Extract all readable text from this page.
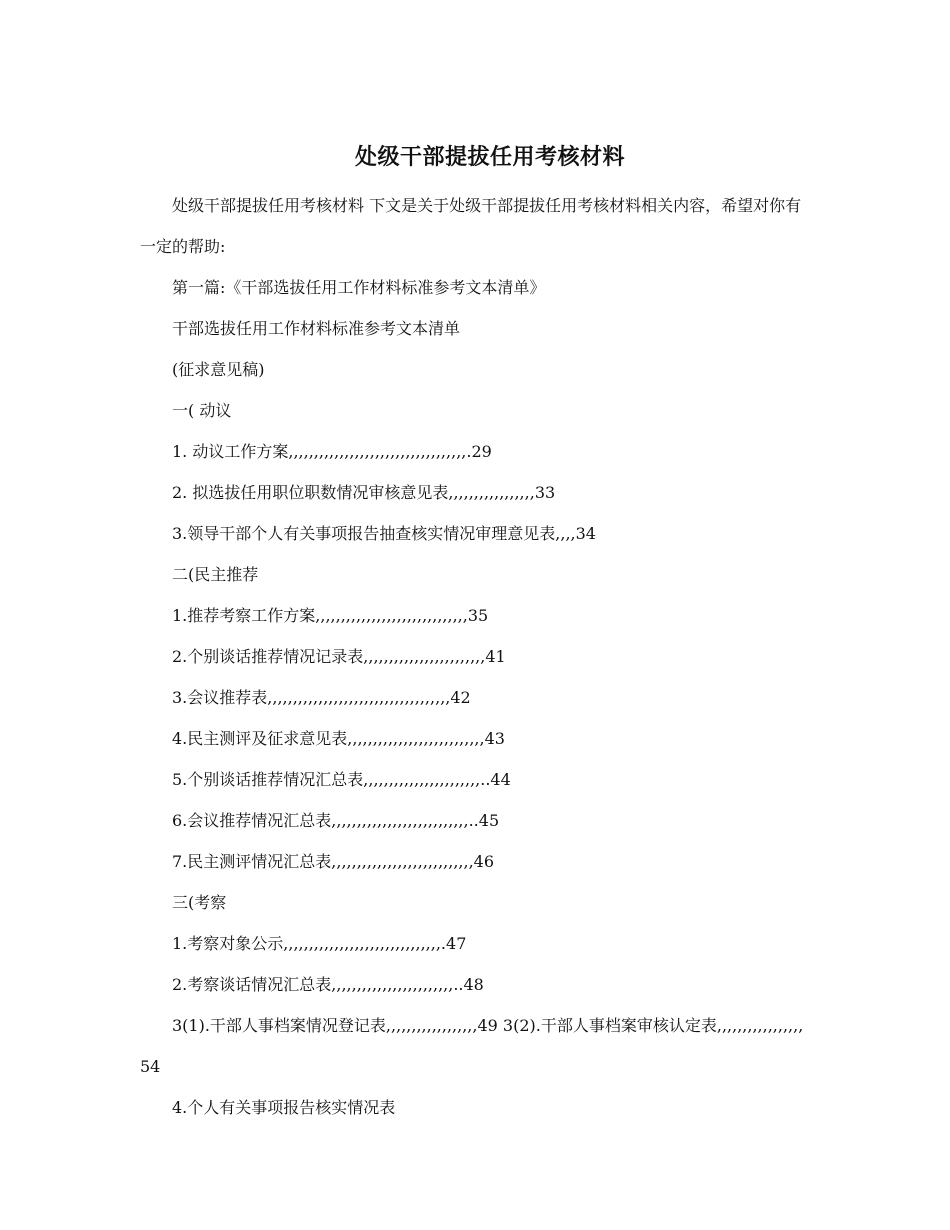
处级干部提拔任用考核材料

处级干部提拔任用考核材料 下文是关于处级干部提拔任用考核材料相关内容，希望对你有一定的帮助:

第一篇:《干部选拔任用工作材料标准参考文本清单》

干部选拔任用工作材料标准参考文本清单

(征求意见稿)

一( 动议

1. 动议工作方案,,,,,,,,,,,,,,,,,,,,,,,,,,,,,,,,,,,.29

2. 拟选拔任用职位职数情况审核意见表,,,,,,,,,,,,,,,,,33

3.领导干部个人有关事项报告抽查核实情况审理意见表,,,,34

二(民主推荐

1.推荐考察工作方案,,,,,,,,,,,,,,,,,,,,,,,,,,,,,,35

2.个别谈话推荐情况记录表,,,,,,,,,,,,,,,,,,,,,,,,41

3.会议推荐表,,,,,,,,,,,,,,,,,,,,,,,,,,,,,,,,,,,,42

4.民主测评及征求意见表,,,,,,,,,,,,,,,,,,,,,,,,,,,43

5.个别谈话推荐情况汇总表,,,,,,,,,,,,,,,,,,,,,,,..44

6.会议推荐情况汇总表,,,,,,,,,,,,,,,,,,,,,,,,,,,..45

7.民主测评情况汇总表,,,,,,,,,,,,,,,,,,,,,,,,,,,,46

三(考察

1.考察对象公示,,,,,,,,,,,,,,,,,,,,,,,,,,,,,,,.47

2.考察谈话情况汇总表,,,,,,,,,,,,,,,,,,,,,,,,..48

3(1).干部人事档案情况登记表,,,,,,,,,,,,,,,,,,49 3(2).干部人事档案审核认定表,,,,,,,,,,,,,,,,,54

4.个人有关事项报告核实情况表
